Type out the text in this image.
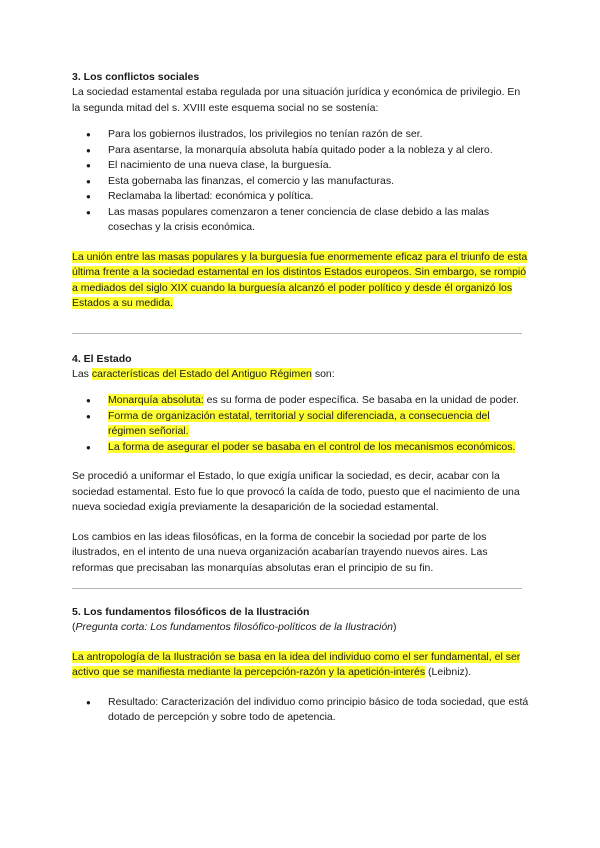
3. Los conflictos sociales

La sociedad estamental estaba regulada por una situación jurídica y económica de privilegio. En la segunda mitad del s. XVIII este esquema social no se sostenía:

● Para los gobiernos ilustrados, los privilegios no tenían razón de ser.
● Para asentarse, la monarquía absoluta había quitado poder a la nobleza y al clero.
● El nacimiento de una nueva clase, la burguesía.
● Esta gobernaba las finanzas, el comercio y las manufacturas.
● Reclamaba la libertad: económica y política.
● Las masas populares comenzaron a tener conciencia de clase debido a las malas cosechas y la crisis económica.

La unión entre las masas populares y la burguesía fue enormemente eficaz para el triunfo de esta última frente a la sociedad estamental en los distintos Estados europeos. Sin embargo, se rompió a mediados del siglo XIX cuando la burguesía alcanzó el poder político y desde él organizó los Estados a su medida.

4. El Estado

Las características del Estado del Antiguo Régimen son:

● Monarquía absoluta: es su forma de poder específica. Se basaba en la unidad de poder.
● Forma de organización estatal, territorial y social diferenciada, a consecuencia del régimen señorial.
● La forma de asegurar el poder se basaba en el control de los mecanismos económicos.

Se procedió a uniformar el Estado, lo que exigía unificar la sociedad, es decir, acabar con la sociedad estamental. Esto fue lo que provocó la caída de todo, puesto que el nacimiento de una nueva sociedad exigía previamente la desaparición de la sociedad estamental.

Los cambios en las ideas filosóficas, en la forma de concebir la sociedad por parte de los ilustrados, en el intento de una nueva organización acabarían trayendo nuevos aires. Las reformas que precisaban las monarquías absolutas eran el principio de su fin.

5. Los fundamentos filosóficos de la Ilustración

(Pregunta corta: Los fundamentos filosófico-políticos de la Ilustración)

La antropología de la Ilustración se basa en la idea del individuo como el ser fundamental, el ser activo que se manifiesta mediante la percepción-razón y la apetición-interés (Leibniz).

● Resultado: Caracterización del individuo como principio básico de toda sociedad, que está dotado de percepción y sobre todo de apetencia.
